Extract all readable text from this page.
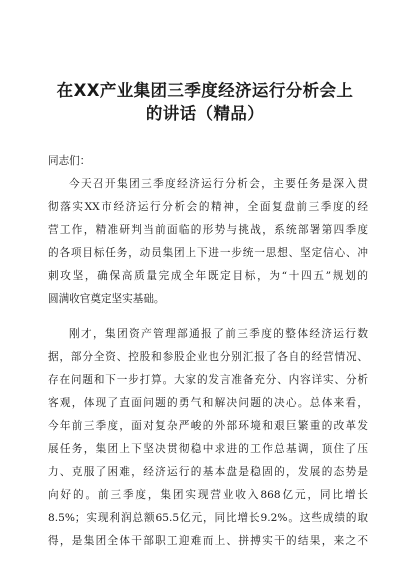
在XX产业集团三季度经济运行分析会上
的讲话（精品）
同志们：
今天召开集团三季度经济运行分析会，主要任务是深入贯
彻落实XX市经济运行分析会的精神，全面复盘前三季度的经
营工作，精准研判当前面临的形势与挑战，系统部署第四季度
的各项目标任务，动员集团上下进一步统一思想、坚定信心、冲
刺攻坚，确保高质量完成全年既定目标，为“十四五”规划的
圆满收官奠定坚实基础。
刚才，集团资产管理部通报了前三季度的整体经济运行数
据，部分全资、控股和参股企业也分别汇报了各自的经营情况、
存在问题和下一步打算。大家的发言准备充分、内容详实、分析
客观，体现了直面问题的勇气和解决问题的决心。总体来看，
今年前三季度，面对复杂严峻的外部环境和艰巨繁重的改革发
展任务，集团上下坚决贯彻稳中求进的工作总基调，顶住了压
力、克服了困难，经济运行的基本盘是稳固的，发展的态势是
向好的。前三季度，集团实现营业收入868亿元，同比增长
8.5%；实现利润总额65.5亿元，同比增长9.2%。这些成绩的取
得，是集团全体干部职工迎难而上、拼搏实干的结果，来之不
